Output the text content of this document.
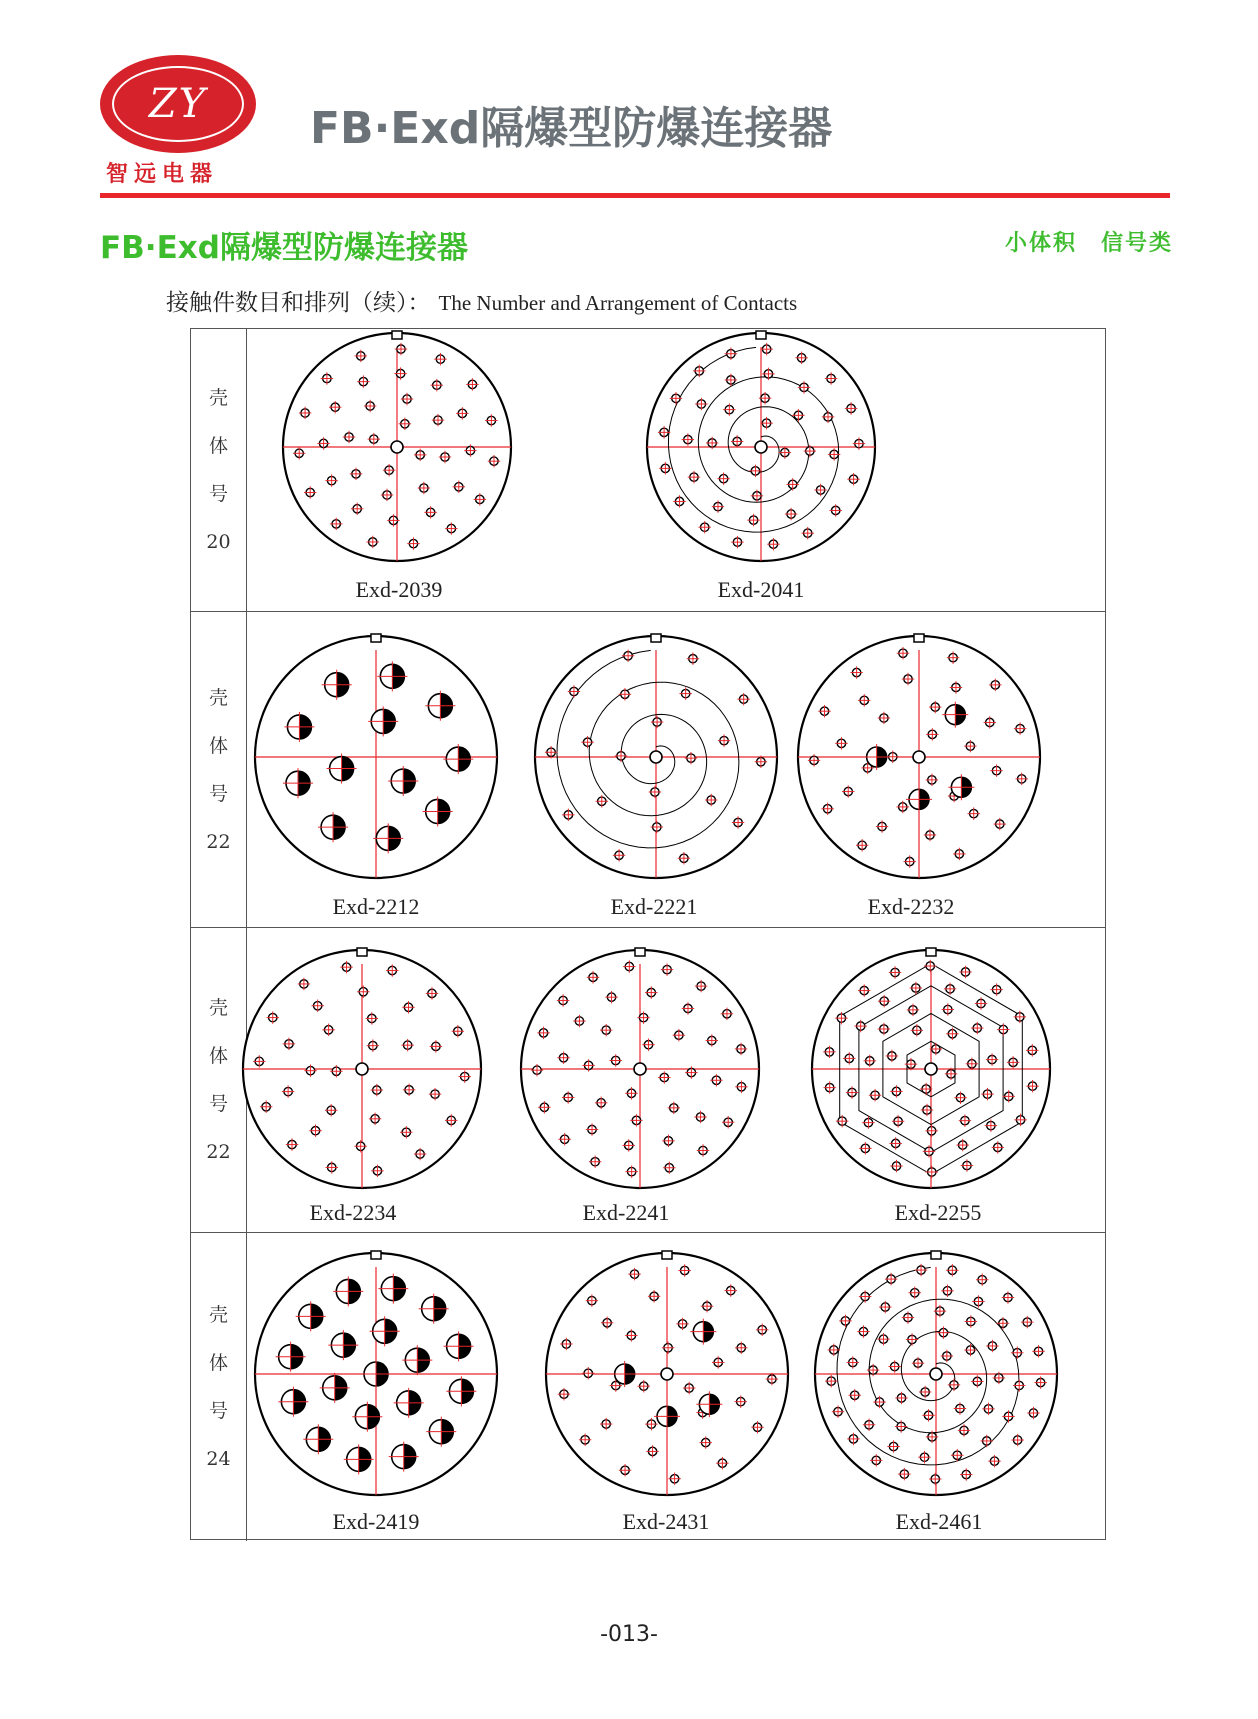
ZY
智远电器
FB·Exd隔爆型防爆连接器
FB·Exd隔爆型防爆连接器	小体积　信号类
接触件数目和排列（续）： The Number and Arrangement of Contacts
壳
体
号
20
Exd-2039	Exd-2041
壳
体
号
22
Exd-2212	Exd-2221	Exd-2232
壳
体
号
22
Exd-2234	Exd-2241	Exd-2255
壳
体
号
24
Exd-2419	Exd-2431	Exd-2461
-013-
